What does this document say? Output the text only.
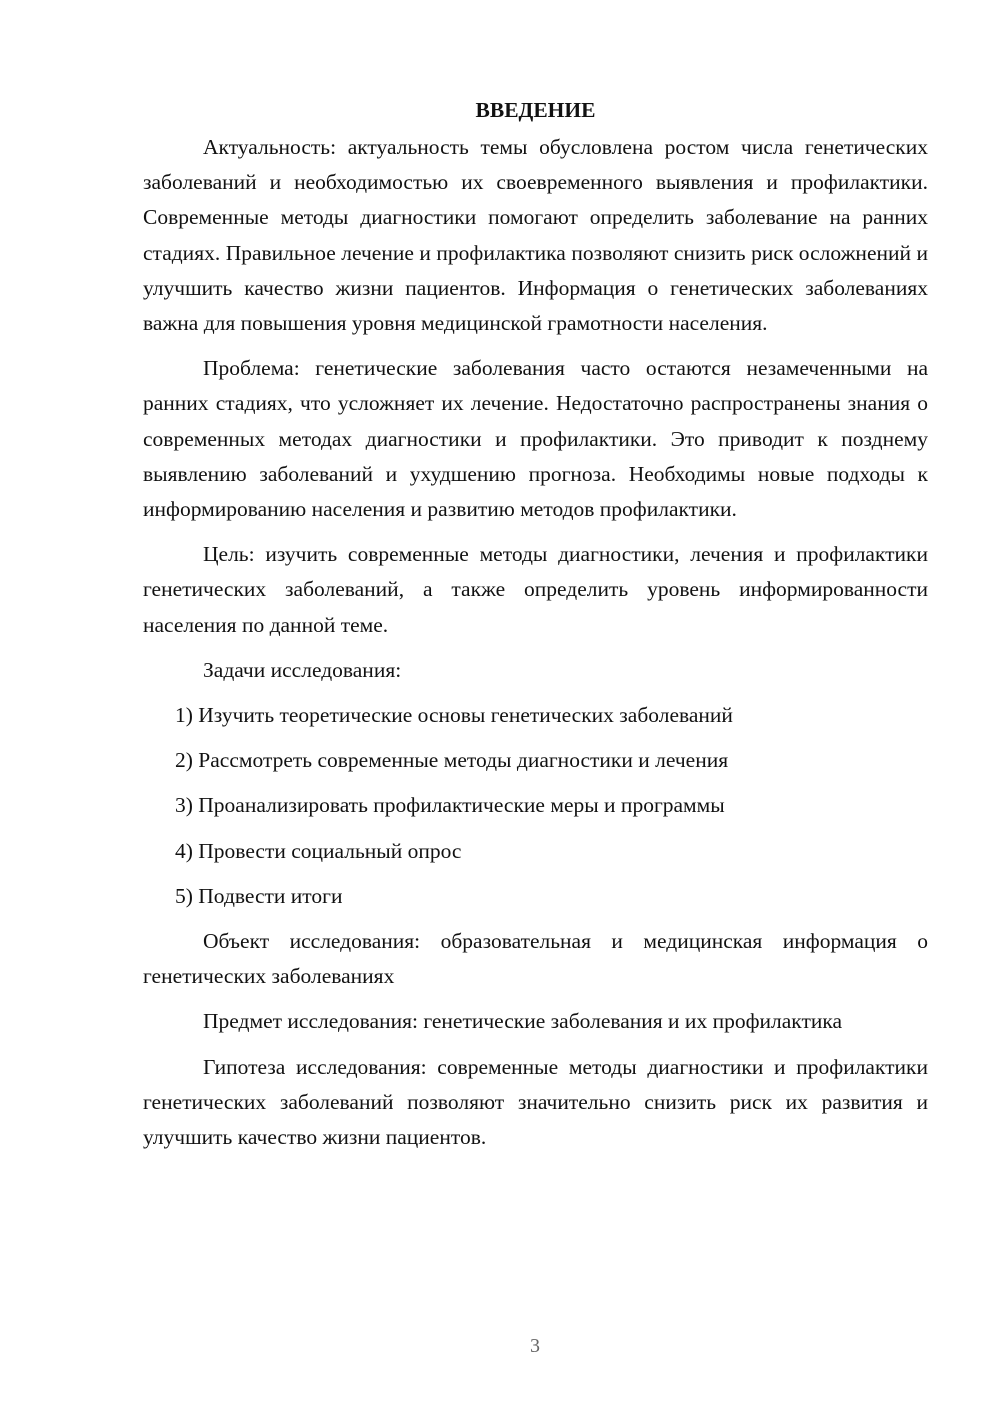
ВВЕДЕНИЕ

Актуальность: актуальность темы обусловлена ростом числа генетических заболеваний и необходимостью их своевременного выявления и профилактики. Современные методы диагностики помогают определить заболевание на ранних стадиях. Правильное лечение и профилактика позволяют снизить риск осложнений и улучшить качество жизни пациентов. Информация о генетических заболеваниях важна для повышения уровня медицинской грамотности населения.

Проблема: генетические заболевания часто остаются незамеченными на ранних стадиях, что усложняет их лечение. Недостаточно распространены знания о современных методах диагностики и профилактики. Это приводит к позднему выявлению заболеваний и ухудшению прогноза. Необходимы новые подходы к информированию населения и развитию методов профилактики.

Цель: изучить современные методы диагностики, лечения и профилактики генетических заболеваний, а также определить уровень информированности населения по данной теме.

Задачи исследования:

1) Изучить теоретические основы генетических заболеваний
2) Рассмотреть современные методы диагностики и лечения
3) Проанализировать профилактические меры и программы
4) Провести социальный опрос
5) Подвести итоги

Объект исследования: образовательная и медицинская информация о генетических заболеваниях

Предмет исследования: генетические заболевания и их профилактика

Гипотеза исследования: современные методы диагностики и профилактики генетических заболеваний позволяют значительно снизить риск их развития и улучшить качество жизни пациентов.

3
